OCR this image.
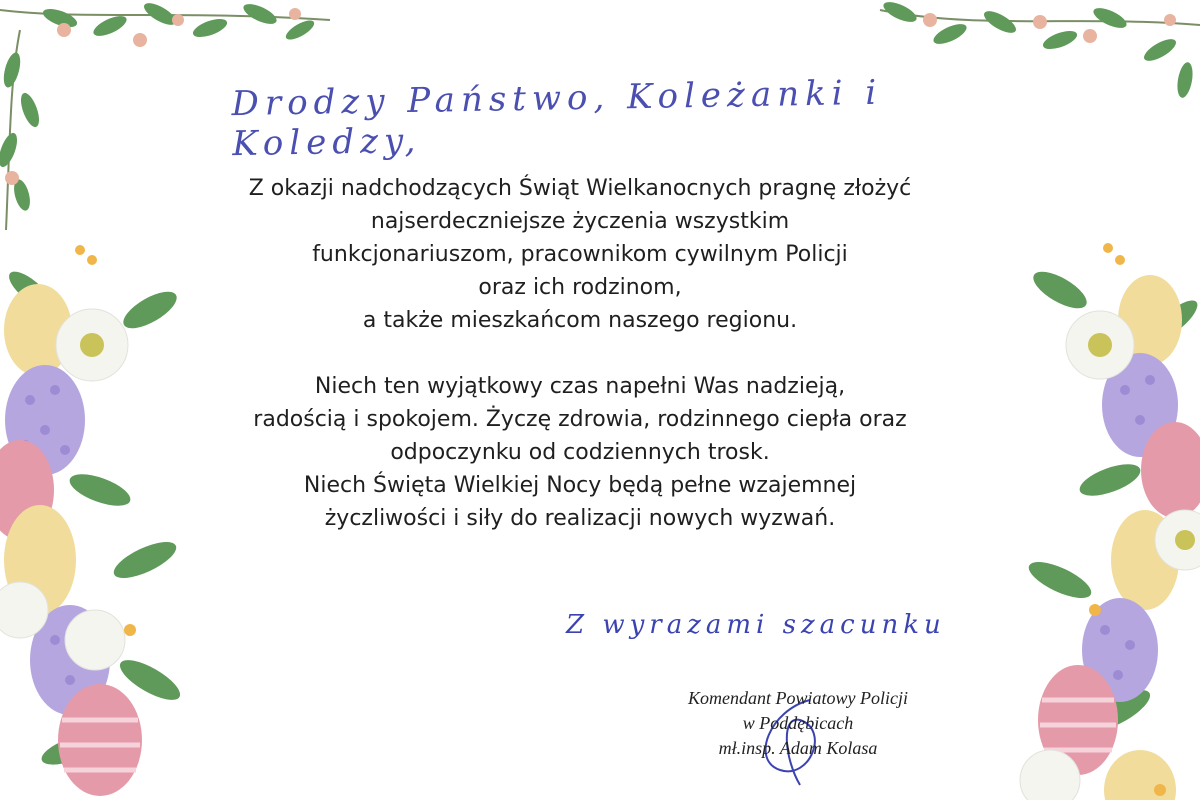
Drodzy Państwo, Koleżanki i Koledzy,

Z okazji nadchodzących Świąt Wielkanocnych pragnę złożyć

najserdeczniejsze życzenia wszystkim

funkcjonariuszom, pracownikom cywilnym Policji

oraz ich rodzinom,

a także mieszkańcom naszego regionu.

Niech ten wyjątkowy czas napełni Was nadzieją,

radością i spokojem. Życzę zdrowia, rodzinnego ciepła oraz

odpoczynku od codziennych trosk.

Niech Święta Wielkiej Nocy będą pełne wzajemnej

życzliwości i siły do realizacji nowych wyzwań.

Z wyrazami szacunku
Komendant Powiatowy Policji
w Poddębicach
mł.insp. Adam Kolasa
